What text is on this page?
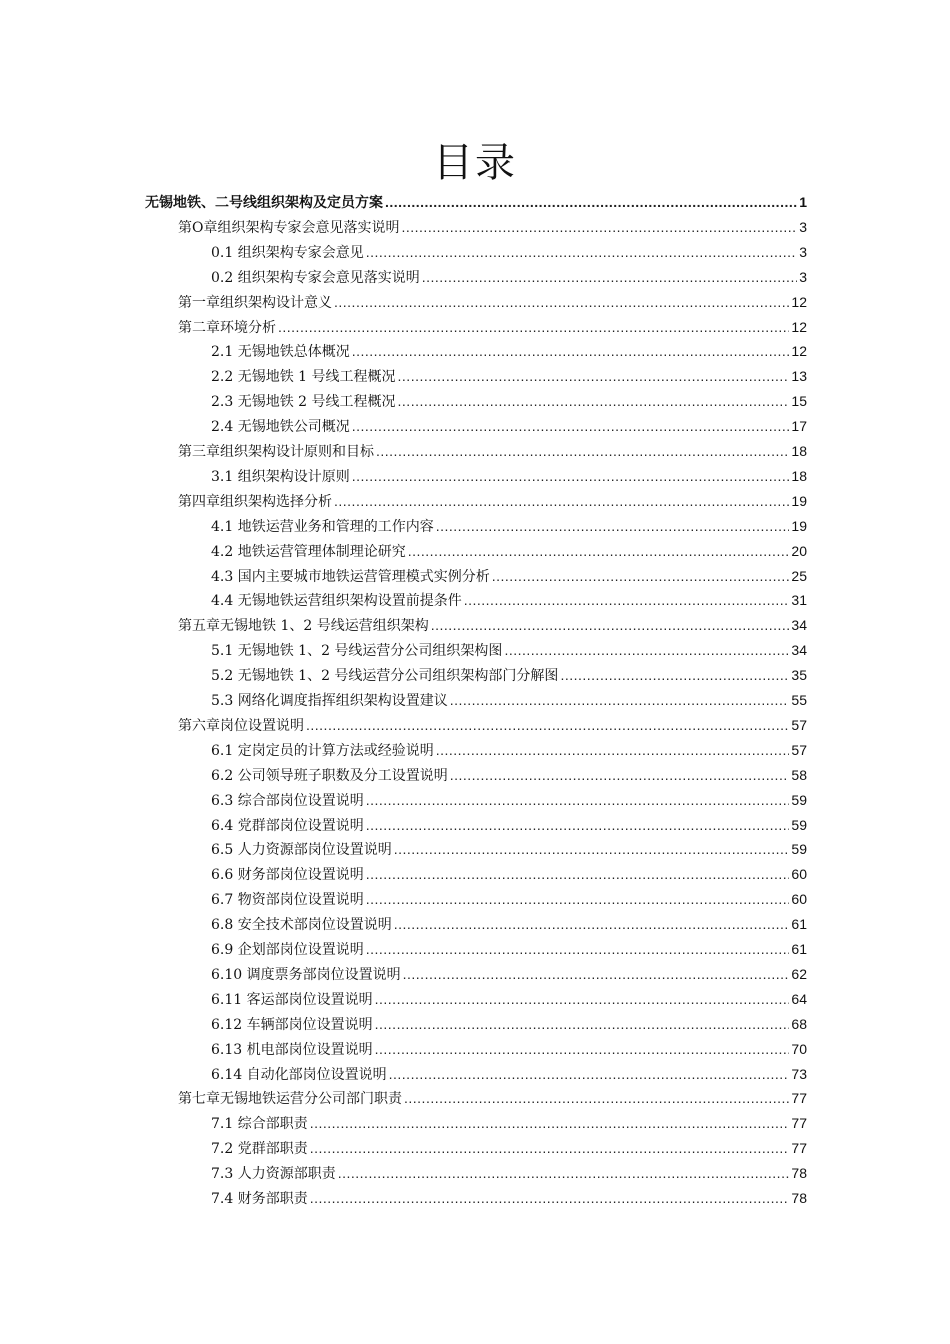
目录
无锡地铁、二号线组织架构及定员方案 .....	1
第O章组织架构专家会意见落实说明 .....	3
0.1 组织架构专家会意见 .....	3
0.2 组织架构专家会意见落实说明 .....	3
第一章组织架构设计意义 .....	12
第二章环境分析 .....	12
2.1 无锡地铁总体概况 .....	12
2.2 无锡地铁 1 号线工程概况 .....	13
2.3 无锡地铁 2 号线工程概况 .....	15
2.4 无锡地铁公司概况 .....	17
第三章组织架构设计原则和目标 .....	18
3.1 组织架构设计原则 .....	18
第四章组织架构选择分析 .....	19
4.1 地铁运营业务和管理的工作内容 .....	19
4.2 地铁运营管理体制理论研究 .....	20
4.3 国内主要城市地铁运营管理模式实例分析 .....	25
4.4 无锡地铁运营组织架构设置前提条件 .....	31
第五章无锡地铁 1、2 号线运营组织架构 .....	34
5.1 无锡地铁 1、2 号线运营分公司组织架构图 .....	34
5.2 无锡地铁 1、2 号线运营分公司组织架构部门分解图 .....	35
5.3 网络化调度指挥组织架构设置建议 .....	55
第六章岗位设置说明 .....	57
6.1 定岗定员的计算方法或经验说明 .....	57
6.2 公司领导班子职数及分工设置说明 .....	58
6.3 综合部岗位设置说明 .....	59
6.4 党群部岗位设置说明 .....	59
6.5 人力资源部岗位设置说明 .....	59
6.6 财务部岗位设置说明 .....	60
6.7 物资部岗位设置说明 .....	60
6.8 安全技术部岗位设置说明 .....	61
6.9 企划部岗位设置说明 .....	61
6.10 调度票务部岗位设置说明 .....	62
6.11 客运部岗位设置说明 .....	64
6.12 车辆部岗位设置说明 .....	68
6.13 机电部岗位设置说明 .....	70
6.14 自动化部岗位设置说明 .....	73
第七章无锡地铁运营分公司部门职责 .....	77
7.1 综合部职责 .....	77
7.2 党群部职责 .....	77
7.3 人力资源部职责 .....	78
7.4 财务部职责 .....	78
